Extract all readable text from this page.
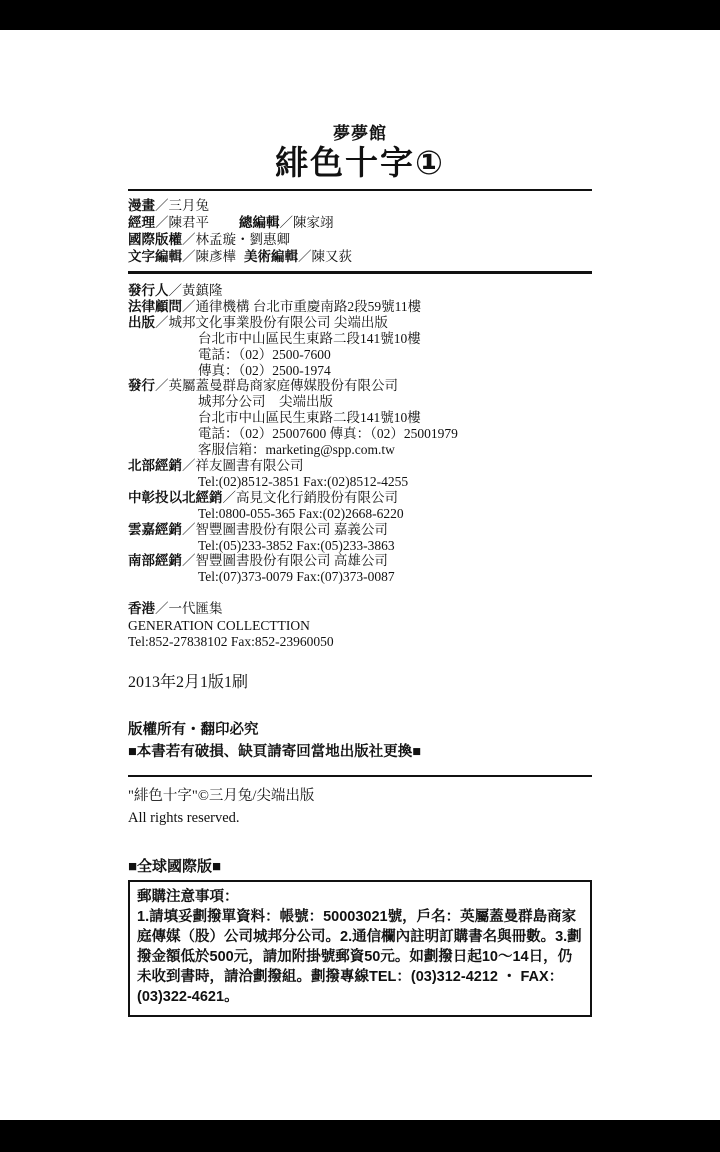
夢夢館
緋色十字①
漫畫／三月兔
經理／陳君平 總編輯／陳家翊
國際版權／林孟璇・劉惠卿
文字編輯／陳彥樺 美術編輯／陳又荻
發行人／黃鎮隆
法律顧問／通律機構 台北市重慶南路2段59號11樓
出版／城邦文化事業股份有限公司 尖端出版
台北市中山區民生東路二段141號10樓
電話：（02）2500-7600
傳真：（02）2500-1974
發行／英屬蓋曼群島商家庭傳媒股份有限公司
城邦分公司　尖端出版
台北市中山區民生東路二段141號10樓
電話：（02）25007600 傳真：（02）25001979
客服信箱：marketing@spp.com.tw
北部經銷／祥友圖書有限公司
Tel:(02)8512-3851 Fax:(02)8512-4255
中彰投以北經銷／高見文化行銷股份有限公司
Tel:0800-055-365 Fax:(02)2668-6220
雲嘉經銷／智豐圖書股份有限公司 嘉義公司
Tel:(05)233-3852 Fax:(05)233-3863
南部經銷／智豐圖書股份有限公司 高雄公司
Tel:(07)373-0079 Fax:(07)373-0087
香港／一代匯集
GENERATION COLLECTTION
Tel:852-27838102 Fax:852-23960050
2013年2月1版1刷
版權所有・翻印必究
■本書若有破損、缺頁請寄回當地出版社更換■
"緋色十字"©三月兔/尖端出版
All rights reserved.
■全球國際版■
郵購注意事項：
1.請填妥劃撥單資料：帳號：50003021號，戶名：英屬蓋曼群島商家庭傳媒（股）公司城邦分公司。2.通信欄內註明訂購書名與冊數。3.劃撥金額低於500元，請加附掛號郵資50元。如劃撥日起10～14日，仍未收到書時，請洽劃撥組。劃撥專線TEL：(03)312-4212 ・ FAX：(03)322-4621。
